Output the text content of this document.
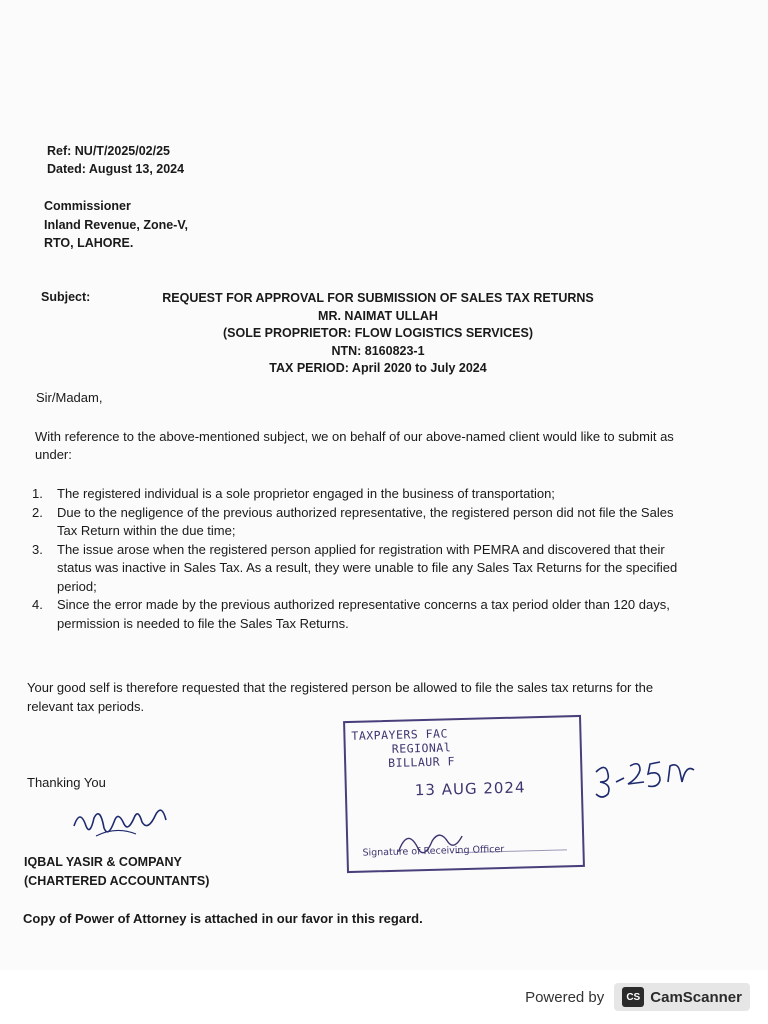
Ref: NU/T/2025/02/25
Dated: August 13, 2024
Commissioner
Inland Revenue, Zone-V,
RTO, LAHORE.
Subject:	REQUEST FOR APPROVAL FOR SUBMISSION OF SALES TAX RETURNS
MR. NAIMAT ULLAH
(SOLE PROPRIETOR: FLOW LOGISTICS SERVICES)
NTN: 8160823-1
TAX PERIOD: April 2020 to July 2024
Sir/Madam,
With reference to the above-mentioned subject, we on behalf of our above-named client would like to submit as under:
1. The registered individual is a sole proprietor engaged in the business of transportation;
2. Due to the negligence of the previous authorized representative, the registered person did not file the Sales Tax Return within the due time;
3. The issue arose when the registered person applied for registration with PEMRA and discovered that their status was inactive in Sales Tax. As a result, they were unable to file any Sales Tax Returns for the specified period;
4. Since the error made by the previous authorized representative concerns a tax period older than 120 days, permission is needed to file the Sales Tax Returns.
Your good self is therefore requested that the registered person be allowed to file the sales tax returns for the relevant tax periods.
Thanking You
IQBAL YASIR & COMPANY
(CHARTERED ACCOUNTANTS)
Copy of Power of Attorney is attached in our favor in this regard.
TAXPAYERS FAC
REGIONAl
BILLAUR F
13 AUG 2024
Signature of Receiving Officer
Powered by	CS CamScanner
